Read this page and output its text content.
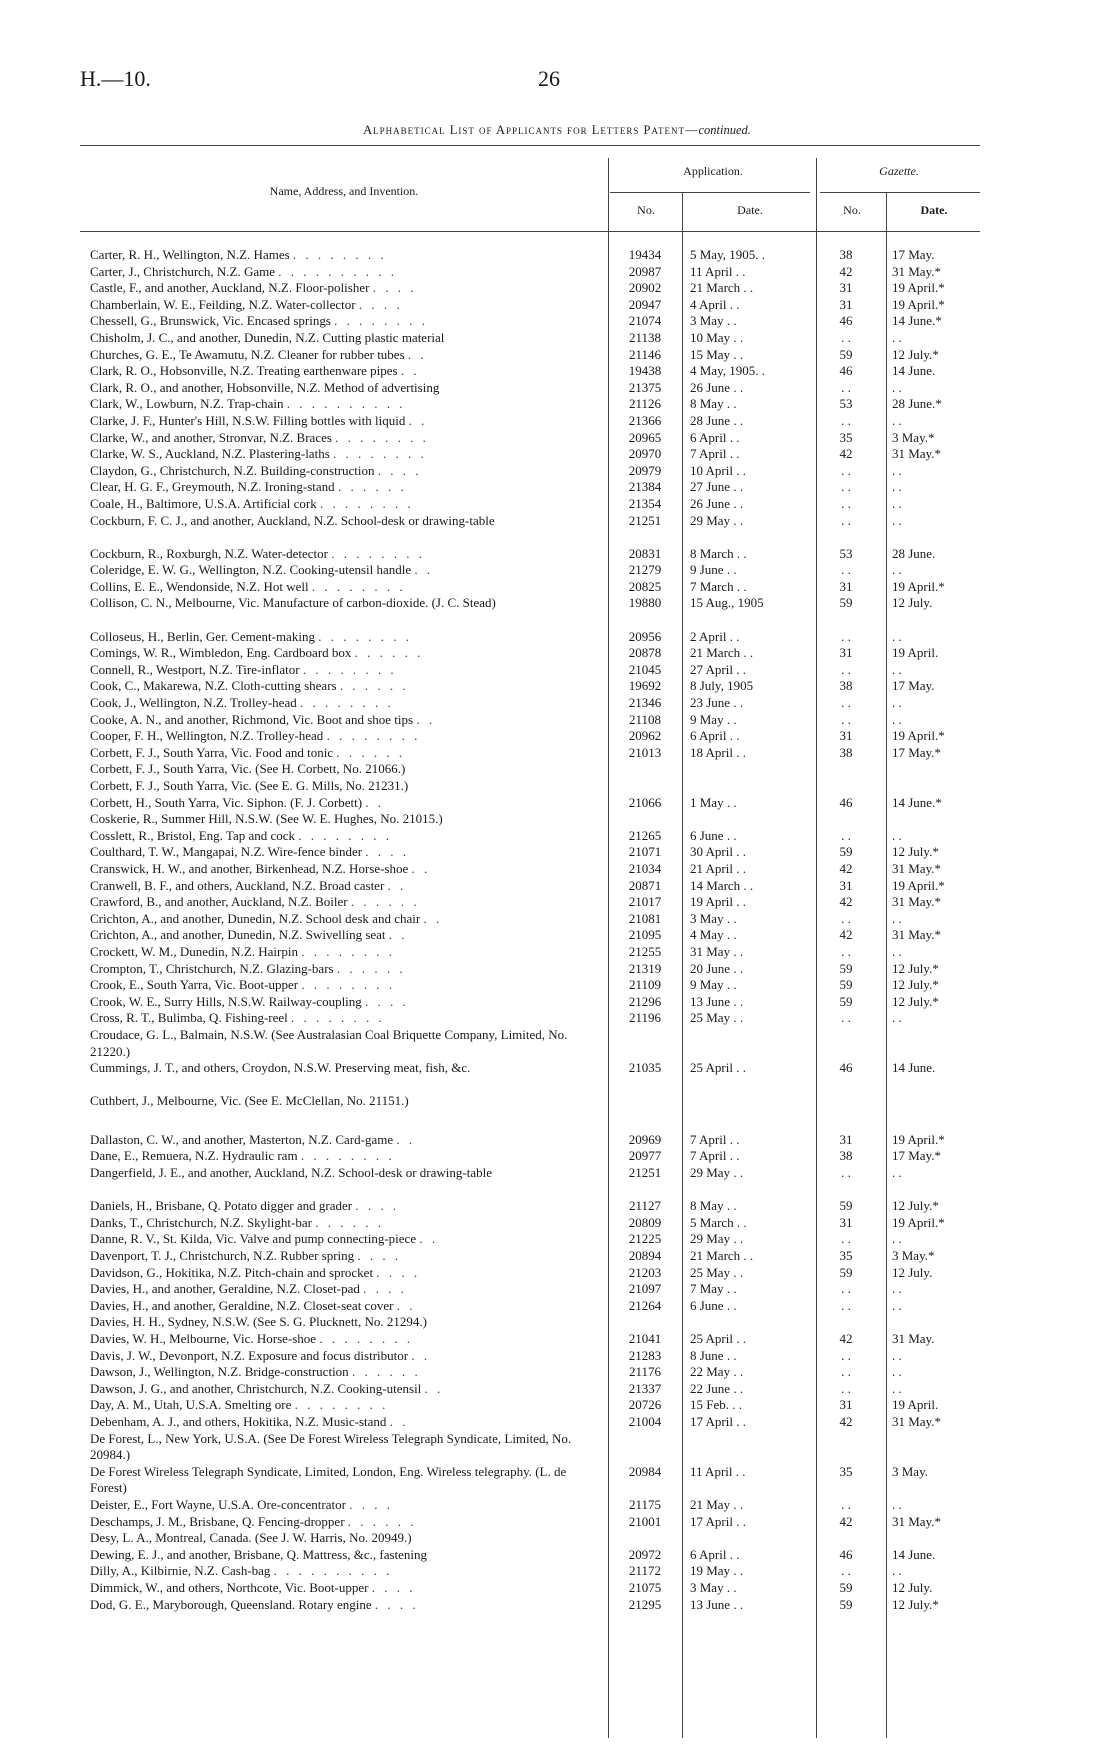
H.—10.	26
Alphabetical List of Applicants for Letters Patent—continued.
Name, Address, and Invention.
Application.	Gazette.
No.	Date.	No.	Date.
Carter, R. H., Wellington, N.Z. Hames . . . . . . . .	19434	5 May, 1905. .	38	17 May.
Carter, J., Christchurch, N.Z. Game . . . . . . . . . .	20987	11 April . .	42	31 May.*
Castle, F., and another, Auckland, N.Z. Floor-polisher . . . .	20902	21 March . .	31	19 April.*
Chamberlain, W. E., Feilding, N.Z. Water-collector . . . .	20947	4 April . .	31	19 April.*
Chessell, G., Brunswick, Vic. Encased springs . . . . . . . .	21074	3 May . .	46	14 June.*
Chisholm, J. C., and another, Dunedin, N.Z. Cutting plastic material	21138	10 May . .	. .	. .
Churches, G. E., Te Awamutu, N.Z. Cleaner for rubber tubes . .	21146	15 May . .	59	12 July.*
Clark, R. O., Hobsonville, N.Z. Treating earthenware pipes . .	19438	4 May, 1905. .	46	14 June.
Clark, R. O., and another, Hobsonville, N.Z. Method of advertising	21375	26 June . .	. .	. .
Clark, W., Lowburn, N.Z. Trap-chain . . . . . . . . . .	21126	8 May . .	53	28 June.*
Clarke, J. F., Hunter's Hill, N.S.W. Filling bottles with liquid . .	21366	28 June . .	. .	. .
Clarke, W., and another, Stronvar, N.Z. Braces . . . . . . . .	20965	6 April . .	35	3 May.*
Clarke, W. S., Auckland, N.Z. Plastering-laths . . . . . . . .	20970	7 April . .	42	31 May.*
Claydon, G., Christchurch, N.Z. Building-construction . . . .	20979	10 April . .	. .	. .
Clear, H. G. F., Greymouth, N.Z. Ironing-stand . . . . . .	21384	27 June . .	. .	. .
Coale, H., Baltimore, U.S.A. Artificial cork . . . . . . . .	21354	26 June . .	. .	. .
Cockburn, F. C. J., and another, Auckland, N.Z. School-desk or drawing-table	21251	29 May . .	. .	. .
Cockburn, R., Roxburgh, N.Z. Water-detector . . . . . . . .	20831	8 March . .	53	28 June.
Coleridge, E. W. G., Wellington, N.Z. Cooking-utensil handle . .	21279	9 June . .	. .	. .
Collins, E. E., Wendonside, N.Z. Hot well . . . . . . . .	20825	7 March . .	31	19 April.*
Collison, C. N., Melbourne, Vic. Manufacture of carbon-dioxide. (J. C. Stead)	19880	15 Aug., 1905	59	12 July.
Colloseus, H., Berlin, Ger. Cement-making . . . . . . . .	20956	2 April . .	. .	. .
Comings, W. R., Wimbledon, Eng. Cardboard box . . . . . .	20878	21 March . .	31	19 April.
Connell, R., Westport, N.Z. Tire-inflator . . . . . . . .	21045	27 April . .	. .	. .
Cook, C., Makarewa, N.Z. Cloth-cutting shears . . . . . .	19692	8 July, 1905	38	17 May.
Cook, J., Wellington, N.Z. Trolley-head . . . . . . . .	21346	23 June . .	. .	. .
Cooke, A. N., and another, Richmond, Vic. Boot and shoe tips . .	21108	9 May . .	. .	. .
Cooper, F. H., Wellington, N.Z. Trolley-head . . . . . . . .	20962	6 April . .	31	19 April.*
Corbett, F. J., South Yarra, Vic. Food and tonic . . . . . .	21013	18 April . .	38	17 May.*
Corbett, F. J., South Yarra, Vic. (See H. Corbett, No. 21066.)
Corbett, F. J., South Yarra, Vic. (See E. G. Mills, No. 21231.)
Corbett, H., South Yarra, Vic. Siphon. (F. J. Corbett) . .	21066	1 May . .	46	14 June.*
Coskerie, R., Summer Hill, N.S.W. (See W. E. Hughes, No. 21015.)
Cosslett, R., Bristol, Eng. Tap and cock . . . . . . . .	21265	6 June . .	. .	. .
Coulthard, T. W., Mangapai, N.Z. Wire-fence binder . . . .	21071	30 April . .	59	12 July.*
Cranswick, H. W., and another, Birkenhead, N.Z. Horse-shoe . .	21034	21 April . .	42	31 May.*
Cranwell, B. F., and others, Auckland, N.Z. Broad caster . .	20871	14 March . .	31	19 April.*
Crawford, B., and another, Auckland, N.Z. Boiler . . . . . .	21017	19 April . .	42	31 May.*
Crichton, A., and another, Dunedin, N.Z. School desk and chair . .	21081	3 May . .	. .	. .
Crichton, A., and another, Dunedin, N.Z. Swivelling seat . .	21095	4 May . .	42	31 May.*
Crockett, W. M., Dunedin, N.Z. Hairpin . . . . . . . .	21255	31 May . .	. .	. .
Crompton, T., Christchurch, N.Z. Glazing-bars . . . . . .	21319	20 June . .	59	12 July.*
Crook, E., South Yarra, Vic. Boot-upper . . . . . . . .	21109	9 May . .	59	12 July.*
Crook, W. E., Surry Hills, N.S.W. Railway-coupling . . . .	21296	13 June . .	59	12 July.*
Cross, R. T., Bulimba, Q. Fishing-reel . . . . . . . .	21196	25 May . .	. .	. .
Croudace, G. L., Balmain, N.S.W. (See Australasian Coal Briquette Company, Limited, No. 21220.)
Cummings, J. T., and others, Croydon, N.S.W. Preserving meat, fish, &c.	21035	25 April . .	46	14 June.
Cuthbert, J., Melbourne, Vic. (See E. McClellan, No. 21151.)
Dallaston, C. W., and another, Masterton, N.Z. Card-game . .	20969	7 April . .	31	19 April.*
Dane, E., Remuera, N.Z. Hydraulic ram . . . . . . . .	20977	7 April . .	38	17 May.*
Dangerfield, J. E., and another, Auckland, N.Z. School-desk or drawing-table	21251	29 May . .	. .	. .
Daniels, H., Brisbane, Q. Potato digger and grader . . . .	21127	8 May . .	59	12 July.*
Danks, T., Christchurch, N.Z. Skylight-bar . . . . . .	20809	5 March . .	31	19 April.*
Danne, R. V., St. Kilda, Vic. Valve and pump connecting-piece . .	21225	29 May . .	. .	. .
Davenport, T. J., Christchurch, N.Z. Rubber spring . . . .	20894	21 March . .	35	3 May.*
Davidson, G., Hokitika, N.Z. Pitch-chain and sprocket . . . .	21203	25 May . .	59	12 July.
Davies, H., and another, Geraldine, N.Z. Closet-pad . . . .	21097	7 May . .	. .	. .
Davies, H., and another, Geraldine, N.Z. Closet-seat cover . .	21264	6 June . .	. .	. .
Davies, H. H., Sydney, N.S.W. (See S. G. Plucknett, No. 21294.)
Davies, W. H., Melbourne, Vic. Horse-shoe . . . . . . . .	21041	25 April . .	42	31 May.
Davis, J. W., Devonport, N.Z. Exposure and focus distributor . .	21283	8 June . .	. .	. .
Dawson, J., Wellington, N.Z. Bridge-construction . . . . . .	21176	22 May . .	. .	. .
Dawson, J. G., and another, Christchurch, N.Z. Cooking-utensil . .	21337	22 June . .	. .	. .
Day, A. M., Utah, U.S.A. Smelting ore . . . . . . . .	20726	15 Feb. . .	31	19 April.
Debenham, A. J., and others, Hokitika, N.Z. Music-stand . .	21004	17 April . .	42	31 May.*
De Forest, L., New York, U.S.A. (See De Forest Wireless Telegraph Syndicate, Limited, No. 20984.)
De Forest Wireless Telegraph Syndicate, Limited, London, Eng. Wireless telegraphy. (L. de Forest)
20984	11 April . .	35	3 May.
Deister, E., Fort Wayne, U.S.A. Ore-concentrator . . . .	21175	21 May . .	. .	. .
Deschamps, J. M., Brisbane, Q. Fencing-dropper . . . . . .	21001	17 April . .	42	31 May.*
Desy, L. A., Montreal, Canada. (See J. W. Harris, No. 20949.)
Dewing, E. J., and another, Brisbane, Q. Mattress, &c., fastening	20972	6 April . .	46	14 June.
Dilly, A., Kilbirnie, N.Z. Cash-bag . . . . . . . . . .	21172	19 May . .	. .	. .
Dimmick, W., and others, Northcote, Vic. Boot-upper . . . .	21075	3 May . .	59	12 July.
Dod, G. E., Maryborough, Queensland. Rotary engine . . . .	21295	13 June . .	59	12 July.*
